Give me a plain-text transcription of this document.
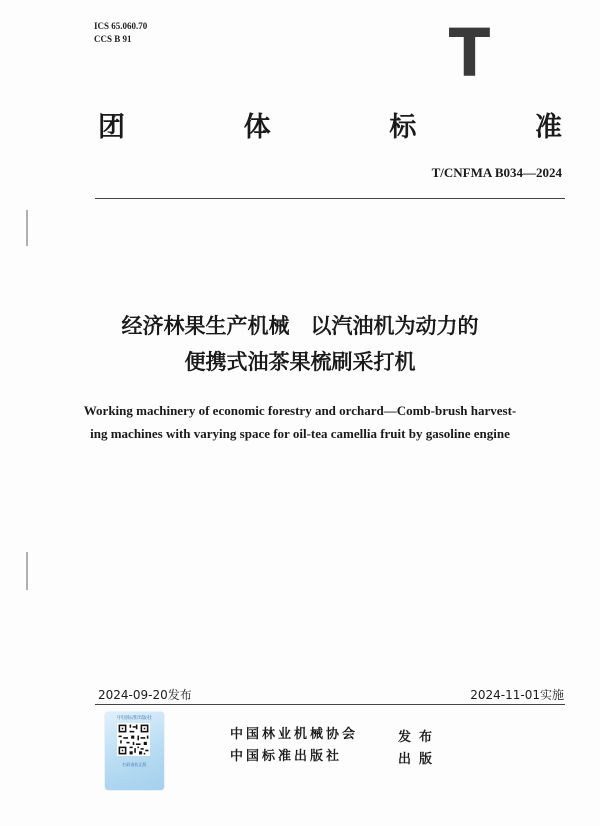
ICS 65.060.70
CCS B 91	T
团	体	标	准
T/CNFMA B034—2024
经济林果生产机械　以汽油机为动力的
便携式油茶果梳刷采打机
Working machinery of economic forestry and orchard—Comb-brush harvest-
ing machines with varying space for oil-tea camellia fruit by gasoline engine
2024-09-20发布	2024-11-01实施
中国标准出版社
扫码查验正版
中国林业机械协会	发布
中国标准出版社	出版
